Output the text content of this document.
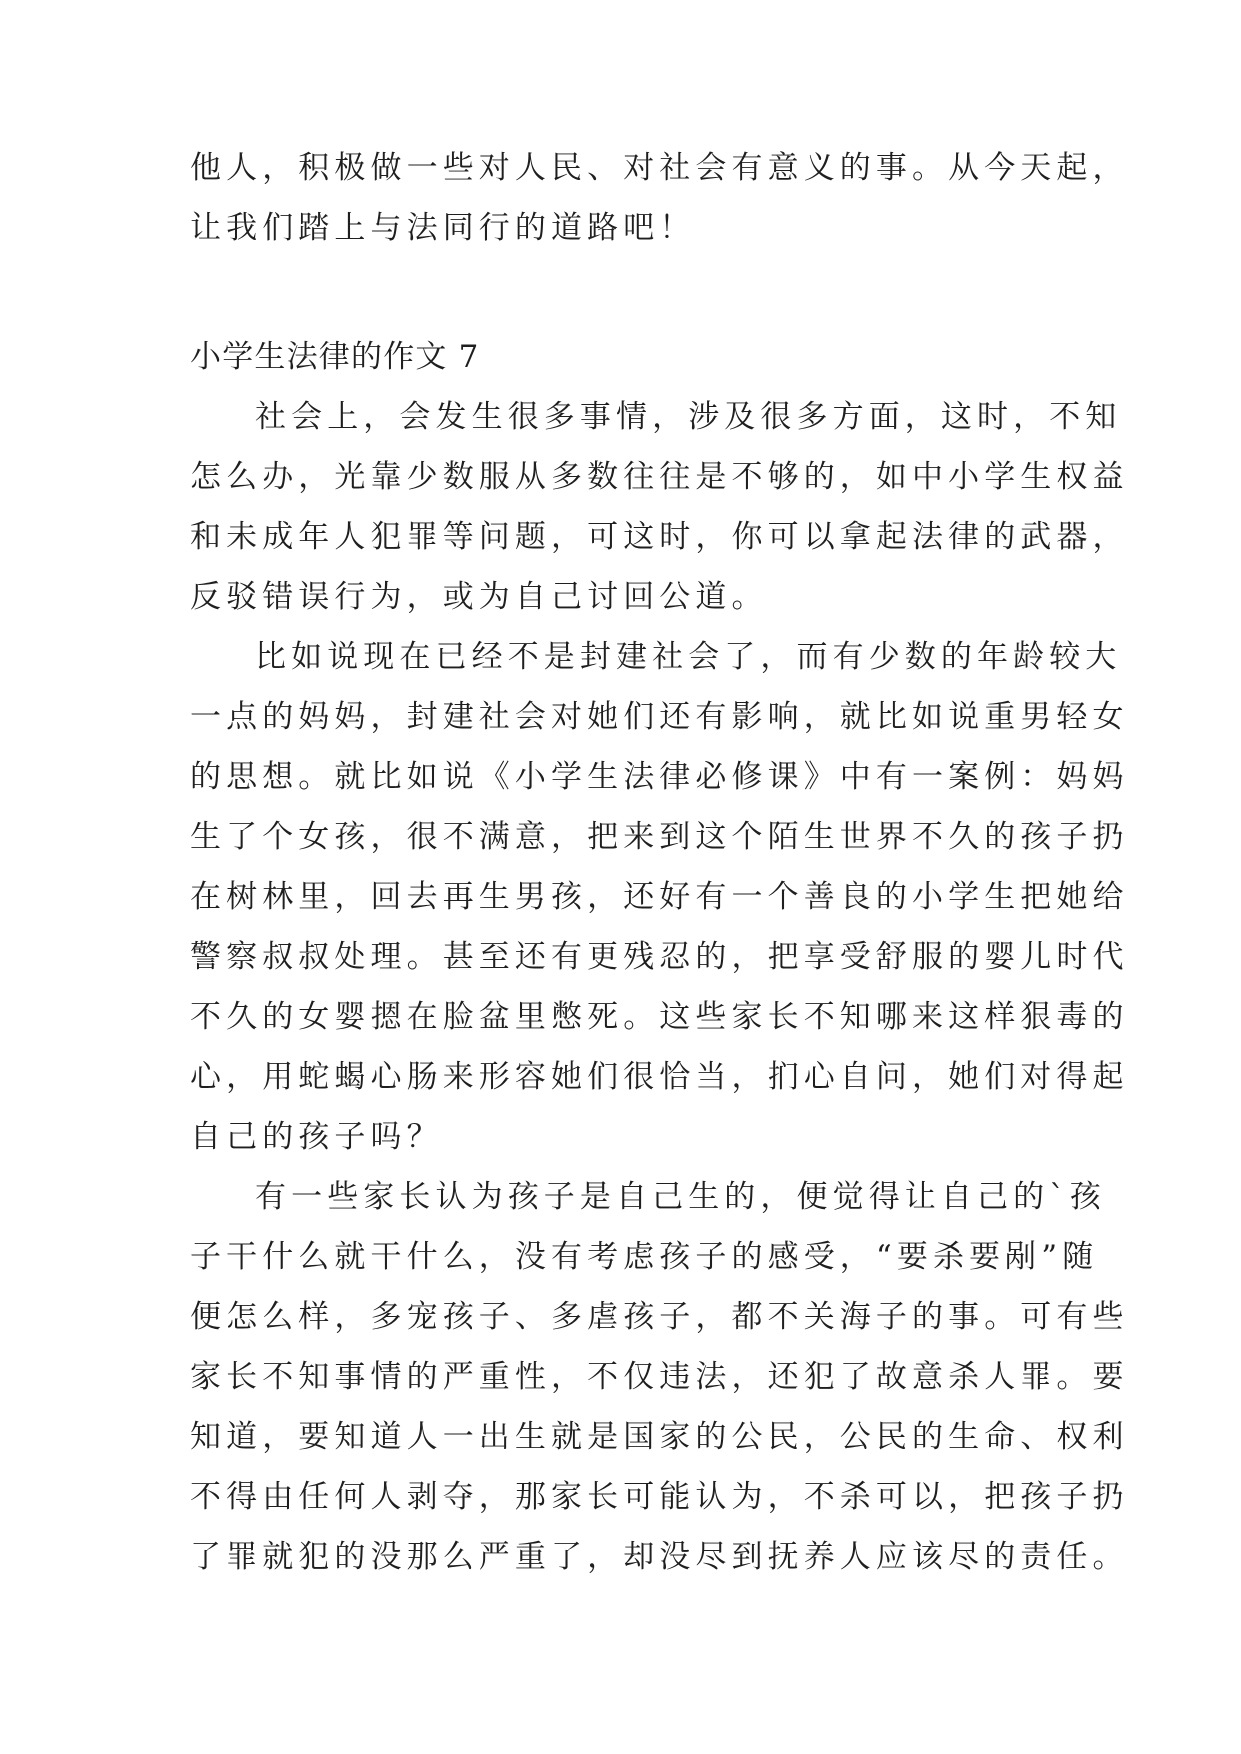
他人，积极做一些对人民、对社会有意义的事。从今天起，

让我们踏上与法同行的道路吧！

小学生法律的作文 7

社会上，会发生很多事情，涉及很多方面，这时，不知

怎么办，光靠少数服从多数往往是不够的，如中小学生权益

和未成年人犯罪等问题，可这时，你可以拿起法律的武器，

反驳错误行为，或为自己讨回公道。

比如说现在已经不是封建社会了，而有少数的年龄较大

一点的妈妈，封建社会对她们还有影响，就比如说重男轻女

的思想。就比如说《小学生法律必修课》中有一案例：妈妈

生了个女孩，很不满意，把来到这个陌生世界不久的孩子扔

在树林里，回去再生男孩，还好有一个善良的小学生把她给

警察叔叔处理。甚至还有更残忍的，把享受舒服的婴儿时代

不久的女婴摁在脸盆里憋死。这些家长不知哪来这样狠毒的

心，用蛇蝎心肠来形容她们很恰当，扪心自问，她们对得起

自己的孩子吗？

有一些家长认为孩子是自己生的，便觉得让自己的`孩

子干什么就干什么，没有考虑孩子的感受，“要杀要剐”随

便怎么样，多宠孩子、多虐孩子，都不关海子的事。可有些

家长不知事情的严重性，不仅违法，还犯了故意杀人罪。要

知道，要知道人一出生就是国家的公民，公民的生命、权利

不得由任何人剥夺，那家长可能认为，不杀可以，把孩子扔

了罪就犯的没那么严重了，却没尽到抚养人应该尽的责任。
